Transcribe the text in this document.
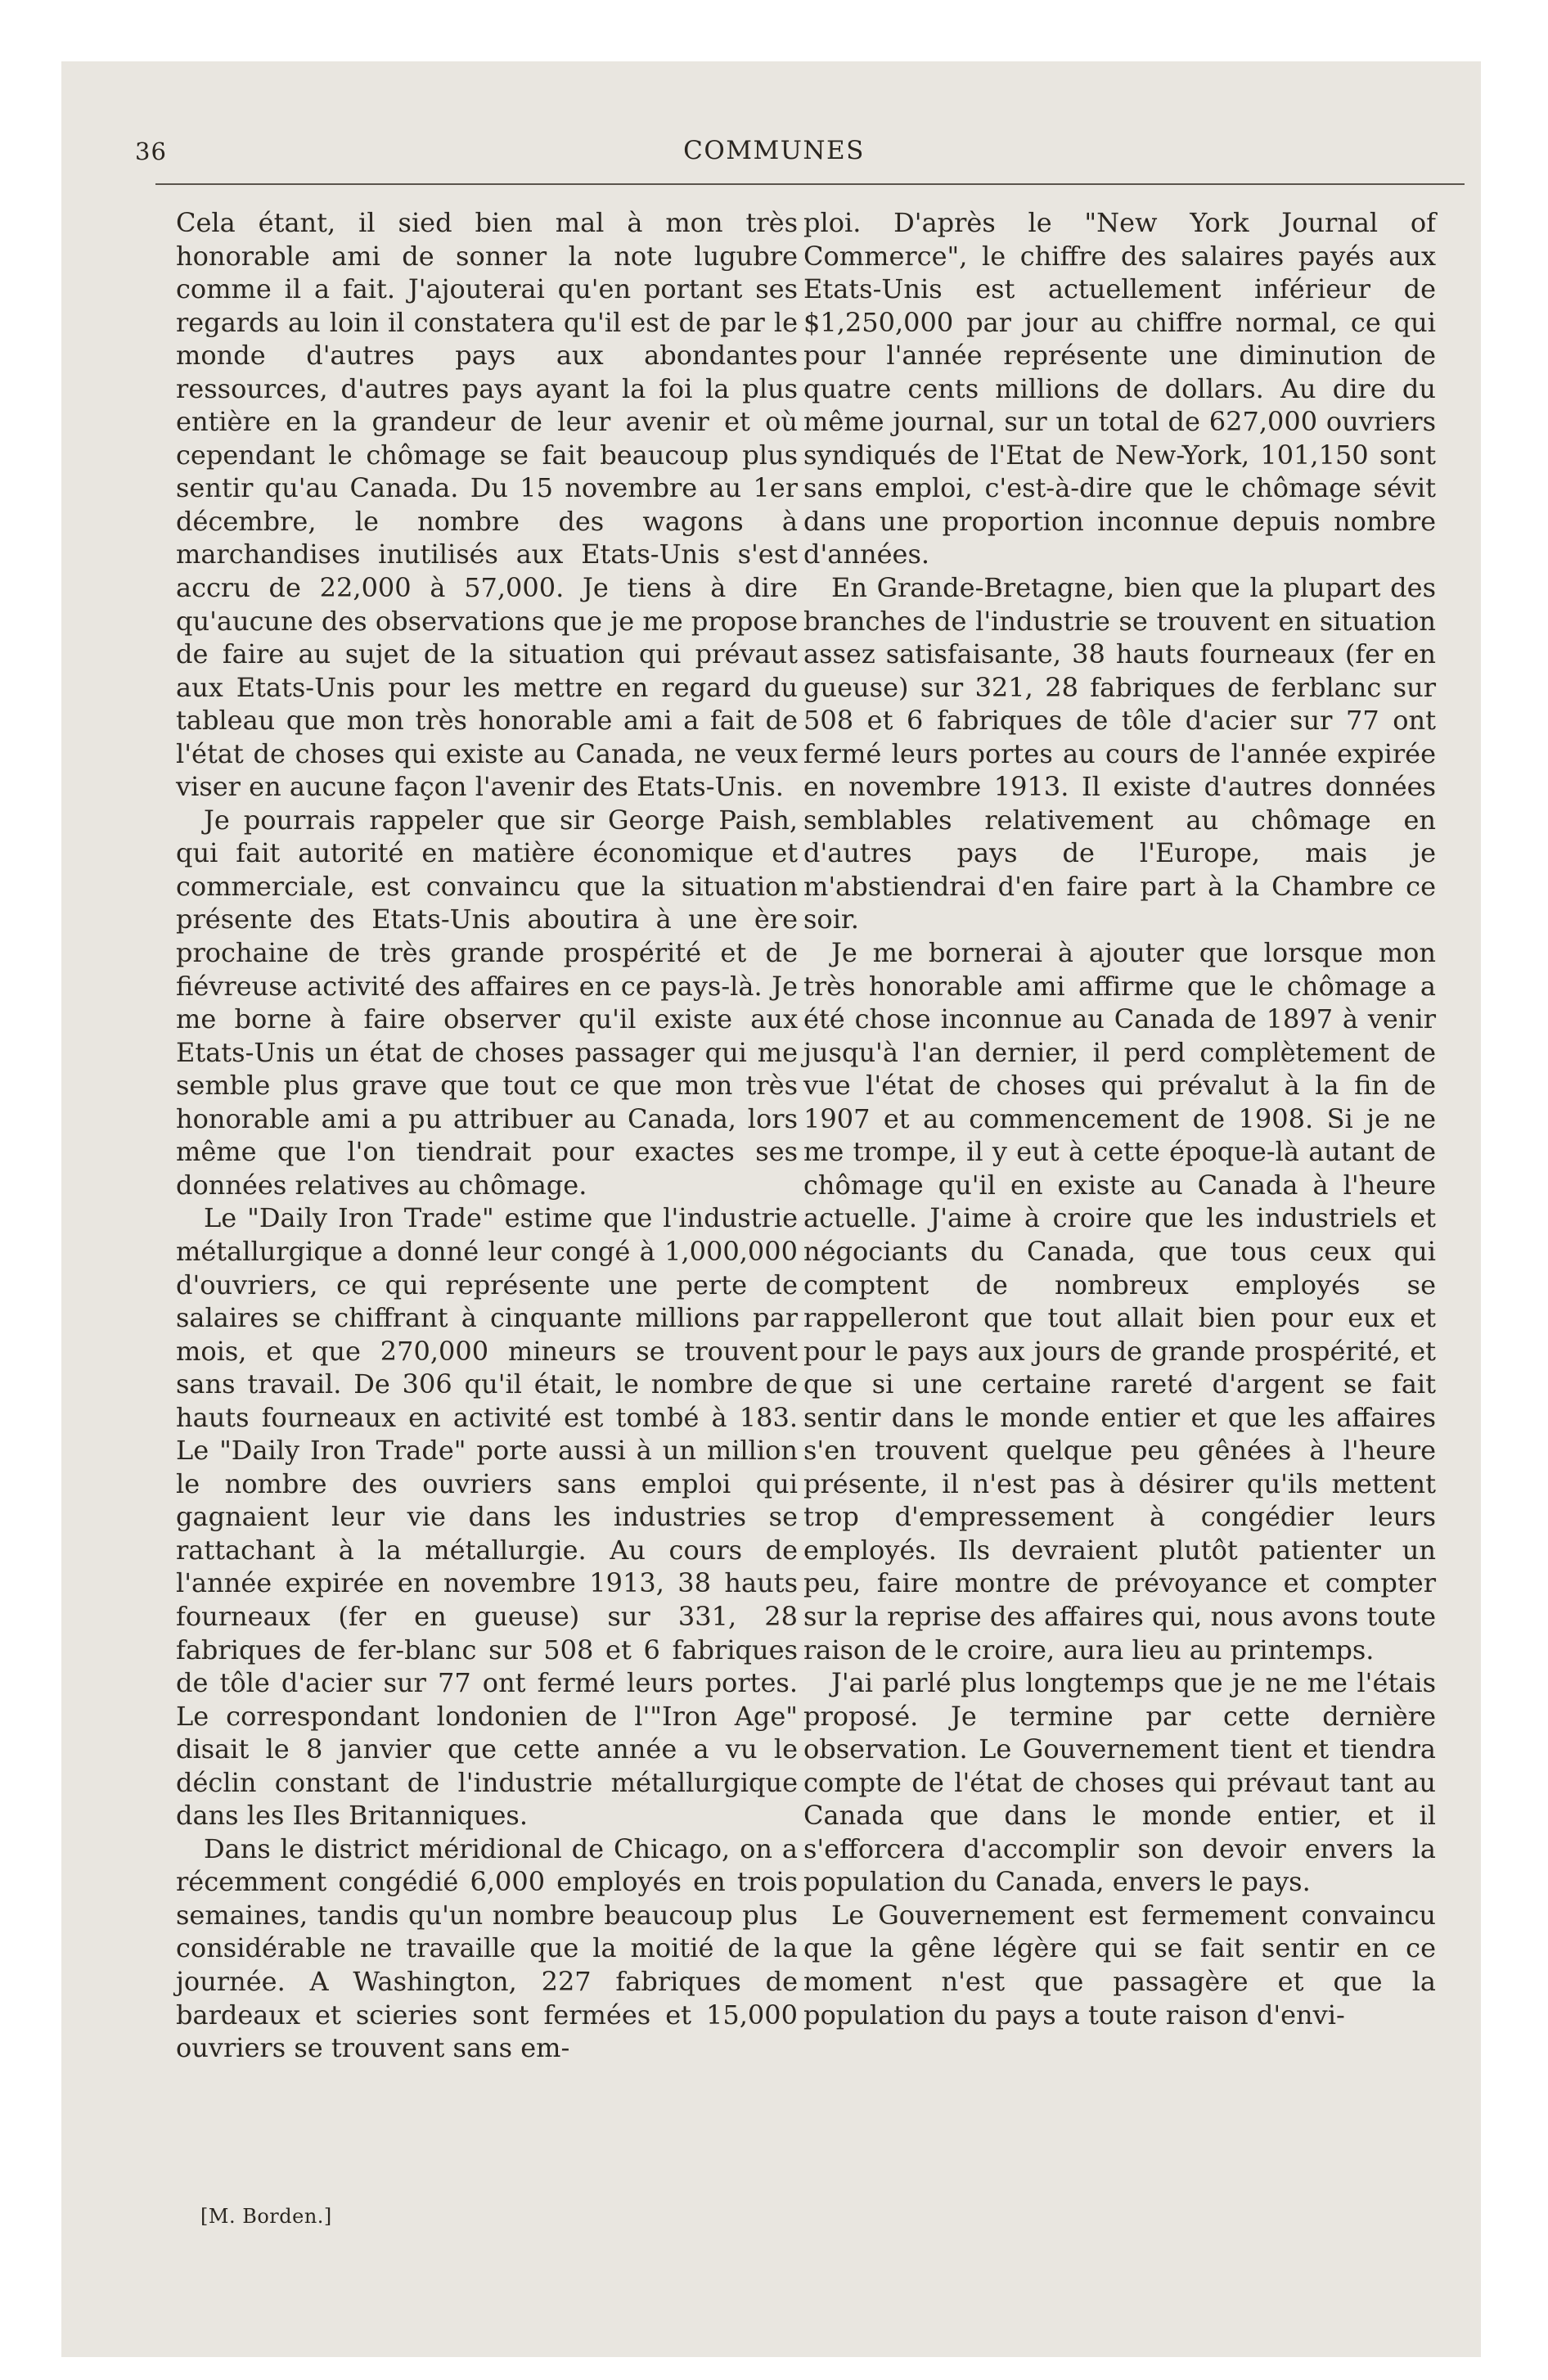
36	COMMUNES

Cela étant, il sied bien mal à mon très honorable ami de sonner la note lugubre comme il a fait. J'ajouterai qu'en portant ses regards au loin il constatera qu'il est de par le monde d'autres pays aux abondantes ressources, d'autres pays ayant la foi la plus entière en la grandeur de leur avenir et où cependant le chômage se fait beaucoup plus sentir qu'au Canada. Du 15 novembre au 1er décembre, le nombre des wagons à marchandises inutilisés aux Etats-Unis s'est accru de 22,000 à 57,000. Je tiens à dire qu'aucune des observations que je me propose de faire au sujet de la situation qui prévaut aux Etats-Unis pour les mettre en regard du tableau que mon très honorable ami a fait de l'état de choses qui existe au Canada, ne veux viser en aucune façon l'avenir des Etats-Unis.

Je pourrais rappeler que sir George Paish, qui fait autorité en matière économique et commerciale, est convaincu que la situation présente des Etats-Unis aboutira à une ère prochaine de très grande prospérité et de fiévreuse activité des affaires en ce pays-là. Je me borne à faire observer qu'il existe aux Etats-Unis un état de choses passager qui me semble plus grave que tout ce que mon très honorable ami a pu attribuer au Canada, lors même que l'on tiendrait pour exactes ses données relatives au chômage.

Le "Daily Iron Trade" estime que l'industrie métallurgique a donné leur congé à 1,000,000 d'ouvriers, ce qui représente une perte de salaires se chiffrant à cinquante millions par mois, et que 270,000 mineurs se trouvent sans travail. De 306 qu'il était, le nombre de hauts fourneaux en activité est tombé à 183. Le "Daily Iron Trade" porte aussi à un million le nombre des ouvriers sans emploi qui gagnaient leur vie dans les industries se rattachant à la métallurgie. Au cours de l'année expirée en novembre 1913, 38 hauts fourneaux (fer en gueuse) sur 331, 28 fabriques de fer-blanc sur 508 et 6 fabriques de tôle d'acier sur 77 ont fermé leurs portes. Le correspondant londonien de l'"Iron Age" disait le 8 janvier que cette année a vu le déclin constant de l'industrie métallurgique dans les Iles Britanniques.

Dans le district méridional de Chicago, on a récemment congédié 6,000 employés en trois semaines, tandis qu'un nombre beaucoup plus considérable ne travaille que la moitié de la journée. A Washington, 227 fabriques de bardeaux et scieries sont fermées et 15,000 ouvriers se trouvent sans em-

ploi. D'après le "New York Journal of Commerce", le chiffre des salaires payés aux Etats-Unis est actuellement inférieur de $1,250,000 par jour au chiffre normal, ce qui pour l'année représente une diminution de quatre cents millions de dollars. Au dire du même journal, sur un total de 627,000 ouvriers syndiqués de l'Etat de New-York, 101,150 sont sans emploi, c'est-à-dire que le chômage sévit dans une proportion inconnue depuis nombre d'années.

En Grande-Bretagne, bien que la plupart des branches de l'industrie se trouvent en situation assez satisfaisante, 38 hauts fourneaux (fer en gueuse) sur 321, 28 fabriques de ferblanc sur 508 et 6 fabriques de tôle d'acier sur 77 ont fermé leurs portes au cours de l'année expirée en novembre 1913. Il existe d'autres données semblables relativement au chômage en d'autres pays de l'Europe, mais je m'abstiendrai d'en faire part à la Chambre ce soir.

Je me bornerai à ajouter que lorsque mon très honorable ami affirme que le chômage a été chose inconnue au Canada de 1897 à venir jusqu'à l'an dernier, il perd complètement de vue l'état de choses qui prévalut à la fin de 1907 et au commencement de 1908. Si je ne me trompe, il y eut à cette époque-là autant de chômage qu'il en existe au Canada à l'heure actuelle. J'aime à croire que les industriels et négociants du Canada, que tous ceux qui comptent de nombreux employés se rappelleront que tout allait bien pour eux et pour le pays aux jours de grande prospérité, et que si une certaine rareté d'argent se fait sentir dans le monde entier et que les affaires s'en trouvent quelque peu gênées à l'heure présente, il n'est pas à désirer qu'ils mettent trop d'empressement à congédier leurs employés. Ils devraient plutôt patienter un peu, faire montre de prévoyance et compter sur la reprise des affaires qui, nous avons toute raison de le croire, aura lieu au printemps.

J'ai parlé plus longtemps que je ne me l'étais proposé. Je termine par cette dernière observation. Le Gouvernement tient et tiendra compte de l'état de choses qui prévaut tant au Canada que dans le monde entier, et il s'efforcera d'accomplir son devoir envers la population du Canada, envers le pays.

Le Gouvernement est fermement convaincu que la gêne légère qui se fait sentir en ce moment n'est que passagère et que la population du pays a toute raison d'envi-

[M. Borden.]
